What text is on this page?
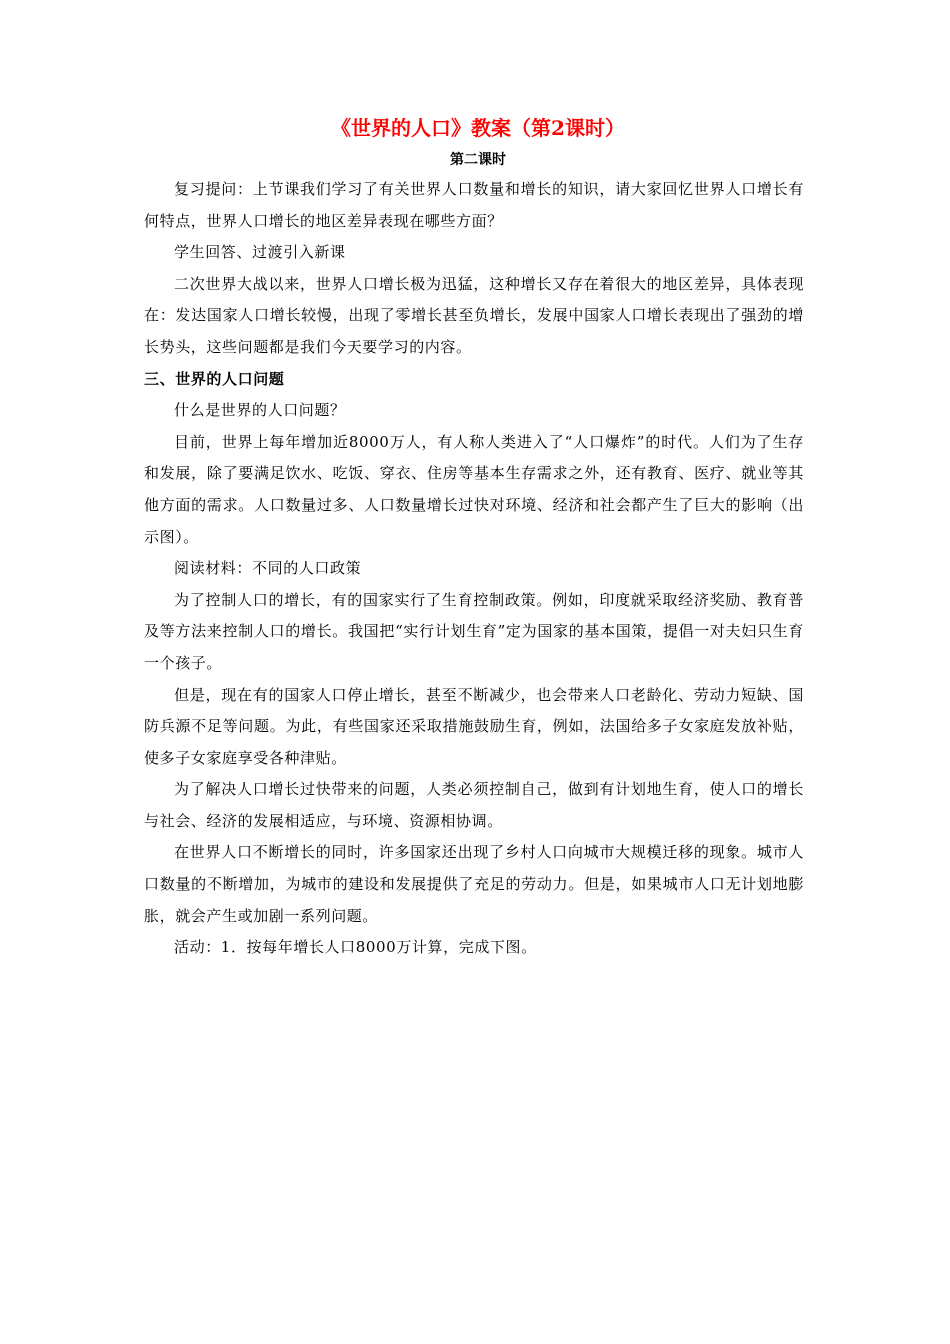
《世界的人口》教案（第2课时）
第二课时

复习提问：上节课我们学习了有关世界人口数量和增长的知识，请大家回忆世界人口增长有何特点，世界人口增长的地区差异表现在哪些方面？

学生回答、过渡引入新课

二次世界大战以来，世界人口增长极为迅猛，这种增长又存在着很大的地区差异，具体表现在：发达国家人口增长较慢，出现了零增长甚至负增长，发展中国家人口增长表现出了强劲的增长势头，这些问题都是我们今天要学习的内容。

三、世界的人口问题

什么是世界的人口问题？

目前，世界上每年增加近8000万人，有人称人类进入了“人口爆炸”的时代。人们为了生存和发展，除了要满足饮水、吃饭、穿衣、住房等基本生存需求之外，还有教育、医疗、就业等其他方面的需求。人口数量过多、人口数量增长过快对环境、经济和社会都产生了巨大的影响（出示图）。

阅读材料：不同的人口政策

为了控制人口的增长，有的国家实行了生育控制政策。例如，印度就采取经济奖励、教育普及等方法来控制人口的增长。我国把“实行计划生育”定为国家的基本国策，提倡一对夫妇只生育一个孩子。

但是，现在有的国家人口停止增长，甚至不断减少，也会带来人口老龄化、劳动力短缺、国防兵源不足等问题。为此，有些国家还采取措施鼓励生育，例如，法国给多子女家庭发放补贴，使多子女家庭享受各种津贴。

为了解决人口增长过快带来的问题，人类必须控制自己，做到有计划地生育，使人口的增长与社会、经济的发展相适应，与环境、资源相协调。

在世界人口不断增长的同时，许多国家还出现了乡村人口向城市大规模迁移的现象。城市人口数量的不断增加，为城市的建设和发展提供了充足的劳动力。但是，如果城市人口无计划地膨胀，就会产生或加剧一系列问题。

活动：1．按每年增长人口8000万计算，完成下图。
